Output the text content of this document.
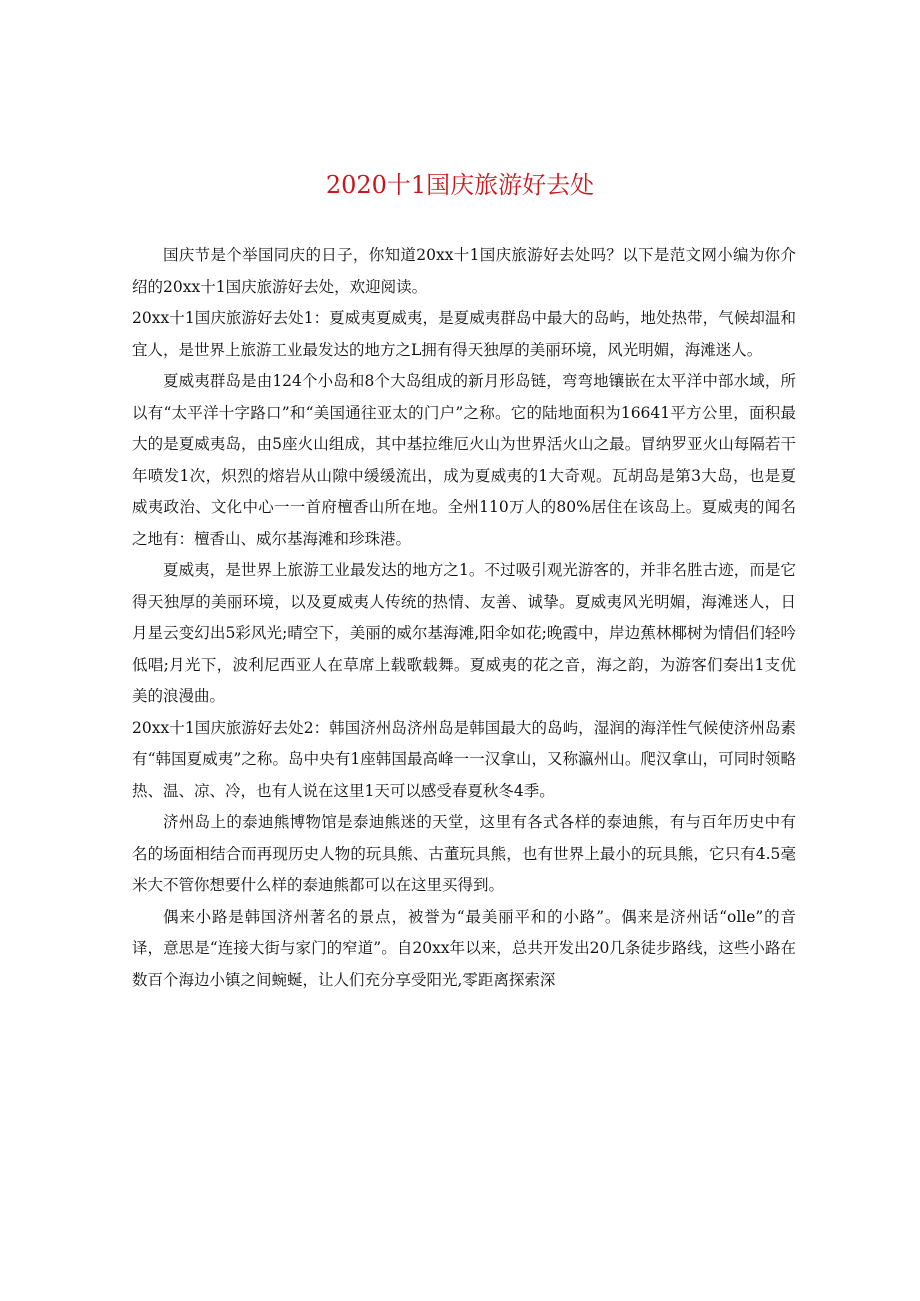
2020十1国庆旅游好去处

国庆节是个举国同庆的日子，你知道20xx十1国庆旅游好去处吗？以下是范文网小编为你介绍的20xx十1国庆旅游好去处，欢迎阅读。

20xx十1国庆旅游好去处1：夏威夷夏威夷，是夏威夷群岛中最大的岛屿，地处热带，气候却温和宜人，是世界上旅游工业最发达的地方之L拥有得天独厚的美丽环境，风光明媚，海滩迷人。

夏威夷群岛是由124个小岛和8个大岛组成的新月形岛链，弯弯地镶嵌在太平洋中部水域，所以有“太平洋十字路口”和“美国通往亚太的门户”之称。它的陆地面积为16641平方公里，面积最大的是夏威夷岛，由5座火山组成，其中基拉维厄火山为世界活火山之最。冒纳罗亚火山每隔若干年喷发1次，炽烈的熔岩从山隙中缓缓流出，成为夏威夷的1大奇观。瓦胡岛是第3大岛，也是夏威夷政治、文化中心一一首府檀香山所在地。全州110万人的80%居住在该岛上。夏威夷的闻名之地有：檀香山、威尔基海滩和珍珠港。

夏威夷，是世界上旅游工业最发达的地方之1。不过吸引观光游客的，并非名胜古迹，而是它得天独厚的美丽环境，以及夏威夷人传统的热情、友善、诚挚。夏威夷风光明媚，海滩迷人，日月星云变幻出5彩风光;晴空下，美丽的威尔基海滩,阳伞如花;晚霞中，岸边蕉林椰树为情侣们轻吟低唱;月光下，波利尼西亚人在草席上载歌载舞。夏威夷的花之音，海之韵，为游客们奏出1支优美的浪漫曲。

20xx十1国庆旅游好去处2：韩国济州岛济州岛是韩国最大的岛屿，湿润的海洋性气候使济州岛素有“韩国夏威夷”之称。岛中央有1座韩国最高峰一一汉拿山，又称瀛州山。爬汉拿山，可同时领略热、温、凉、冷，也有人说在这里1天可以感受春夏秋冬4季。

济州岛上的泰迪熊博物馆是泰迪熊迷的天堂，这里有各式各样的泰迪熊，有与百年历史中有名的场面相结合而再现历史人物的玩具熊、古董玩具熊，也有世界上最小的玩具熊，它只有4.5毫米大不管你想要什么样的泰迪熊都可以在这里买得到。

偶来小路是韩国济州著名的景点，被誉为“最美丽平和的小路”。偶来是济州话“olle”的音译，意思是“连接大街与家门的窄道”。自20xx年以来，总共开发出20几条徒步路线，这些小路在数百个海边小镇之间蜿蜒，让人们充分享受阳光,零距离探索深
